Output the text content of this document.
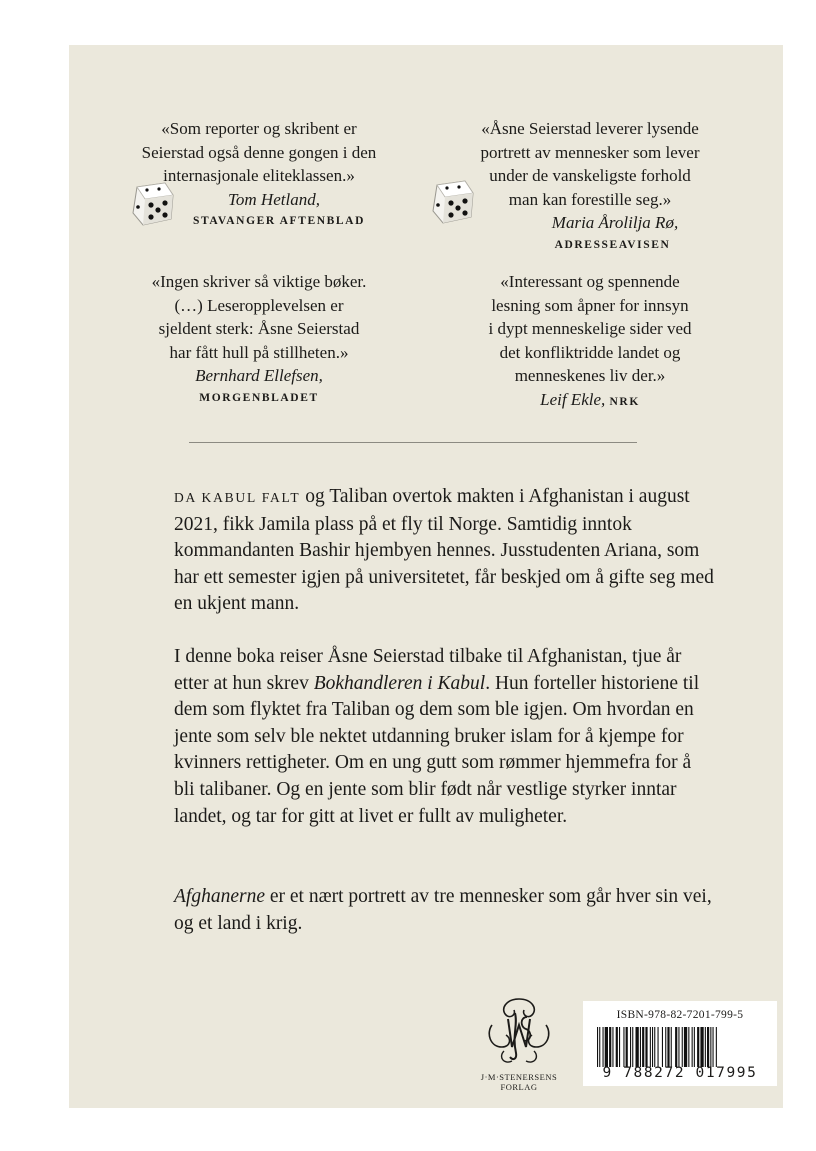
«Som reporter og skribent er
Seierstad også denne gongen i den
internasjonale eliteklassen.»
Tom Hetland,
STAVANGER AFTENBLAD
«Åsne Seierstad leverer lysende
portrett av mennesker som lever
under de vanskeligste forhold
man kan forestille seg.»
Maria Årolilja Rø,
ADRESSEAVISEN
«Ingen skriver så viktige bøker.
(…) Leseropplevelsen er
sjeldent sterk: Åsne Seierstad
har fått hull på stillheten.»
Bernhard Ellefsen,
MORGENBLADET
«Interessant og spennende
lesning som åpner for innsyn
i dypt menneskelige sider ved
det konfliktridde landet og
menneskenes liv der.»
Leif Ekle, NRK

DA KABUL FALT og Taliban overtok makten i Afghanistan i august 2021, fikk Jamila plass på et fly til Norge. Samtidig inntok kommandanten Bashir hjembyen hennes. Jusstudenten Ariana, som har ett semester igjen på universitetet, får beskjed om å gifte seg med en ukjent mann.

I denne boka reiser Åsne Seierstad tilbake til Afghanistan, tjue år etter at hun skrev Bokhandleren i Kabul. Hun forteller historiene til dem som flyktet fra Taliban og dem som ble igjen. Om hvordan en jente som selv ble nektet utdanning bruker islam for å kjempe for kvinners rettigheter. Om en ung gutt som rømmer hjemmefra for å bli talibaner. Og en jente som blir født når vestlige styrker inntar landet, og tar for gitt at livet er fullt av muligheter.

Afghanerne er et nært portrett av tre mennesker som går hver sin vei, og et land i krig.

J·M·STENERSENS
FORLAG
ISBN-978-82-7201-799-5
9 788272 017995
